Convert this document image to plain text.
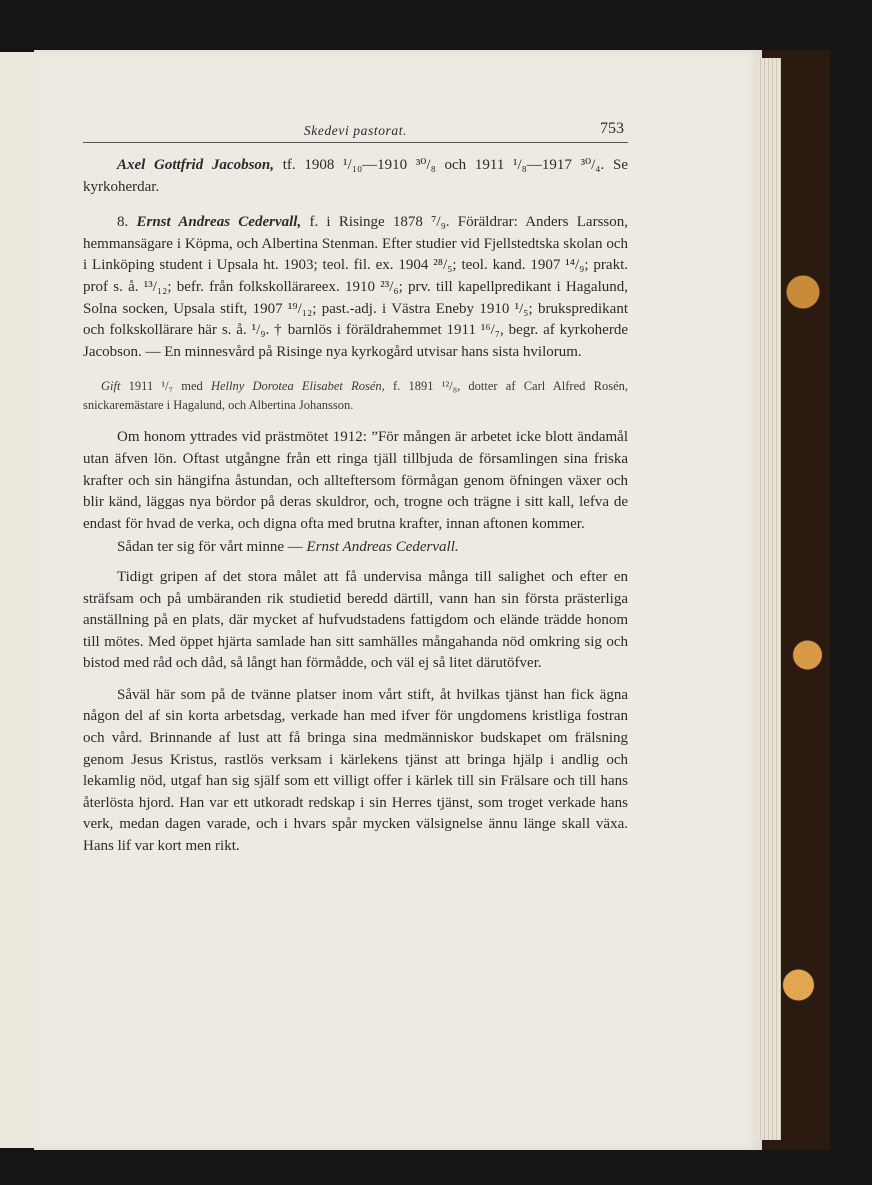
Skedevi pastorat.	753

Axel Gottfrid Jacobson, tf. 1908 ¹/₁₀—1910 ³⁰/₈ och 1911 ¹/₈—1917 ³⁰/₄. Se kyrkoherdar.

8. Ernst Andreas Cedervall, f. i Risinge 1878 ⁷/₉. Föräldrar: Anders Larsson, hemmansägare i Köpma, och Albertina Stenman. Efter studier vid Fjellstedtska skolan och i Linköping student i Upsala ht. 1903; teol. fil. ex. 1904 ²⁸/₅; teol. kand. 1907 ¹⁴/₉; prakt. prof s. å. ¹³/₁₂; befr. från folkskollärareex. 1910 ²³/₆; prv. till kapellpredikant i Hagalund, Solna socken, Upsala stift, 1907 ¹⁹/₁₂; past.-adj. i Västra Eneby 1910 ¹/₅; brukspredikant och folkskollärare här s. å. ¹/₉. † barnlös i föräldrahemmet 1911 ¹⁶/₇, begr. af kyrkoherde Jacobson. — En minnesvård på Risinge nya kyrkogård utvisar hans sista hvilorum.

Gift 1911 ¹/₇ med Hellny Dorotea Elisabet Rosén, f. 1891 ¹²/₈, dotter af Carl Alfred Rosén, snickaremästare i Hagalund, och Albertina Johansson.

Om honom yttrades vid prästmötet 1912: ”För mången är arbetet icke blott ändamål utan äfven lön. Oftast utgångne från ett ringa tjäll tillbjuda de församlingen sina friska krafter och sin hängifna åstundan, och allteftersom förmågan genom öfningen växer och blir känd, läggas nya bördor på deras skuldror, och, trogne och trägne i sitt kall, lefva de endast för hvad de verka, och digna ofta med brutna krafter, innan aftonen kommer.

Sådan ter sig för vårt minne — Ernst Andreas Cedervall.

Tidigt gripen af det stora målet att få undervisa många till salighet och efter en sträfsam och på umbäranden rik studietid beredd därtill, vann han sin första prästerliga anställning på en plats, där mycket af hufvudstadens fattigdom och elände trädde honom till mötes. Med öppet hjärta samlade han sitt samhälles mångahanda nöd omkring sig och bistod med råd och dåd, så långt han förmådde, och väl ej så litet därutöfver.

Såväl här som på de tvänne platser inom vårt stift, åt hvilkas tjänst han fick ägna någon del af sin korta arbetsdag, verkade han med ifver för ungdomens kristliga fostran och vård. Brinnande af lust att få bringa sina medmänniskor budskapet om frälsning genom Jesus Kristus, rastlös verksam i kärlekens tjänst att bringa hjälp i andlig och lekamlig nöd, utgaf han sig själf som ett villigt offer i kärlek till sin Frälsare och till hans återlösta hjord. Han var ett utkoradt redskap i sin Herres tjänst, som troget verkade hans verk, medan dagen varade, och i hvars spår mycken välsignelse ännu länge skall växa. Hans lif var kort men rikt.
